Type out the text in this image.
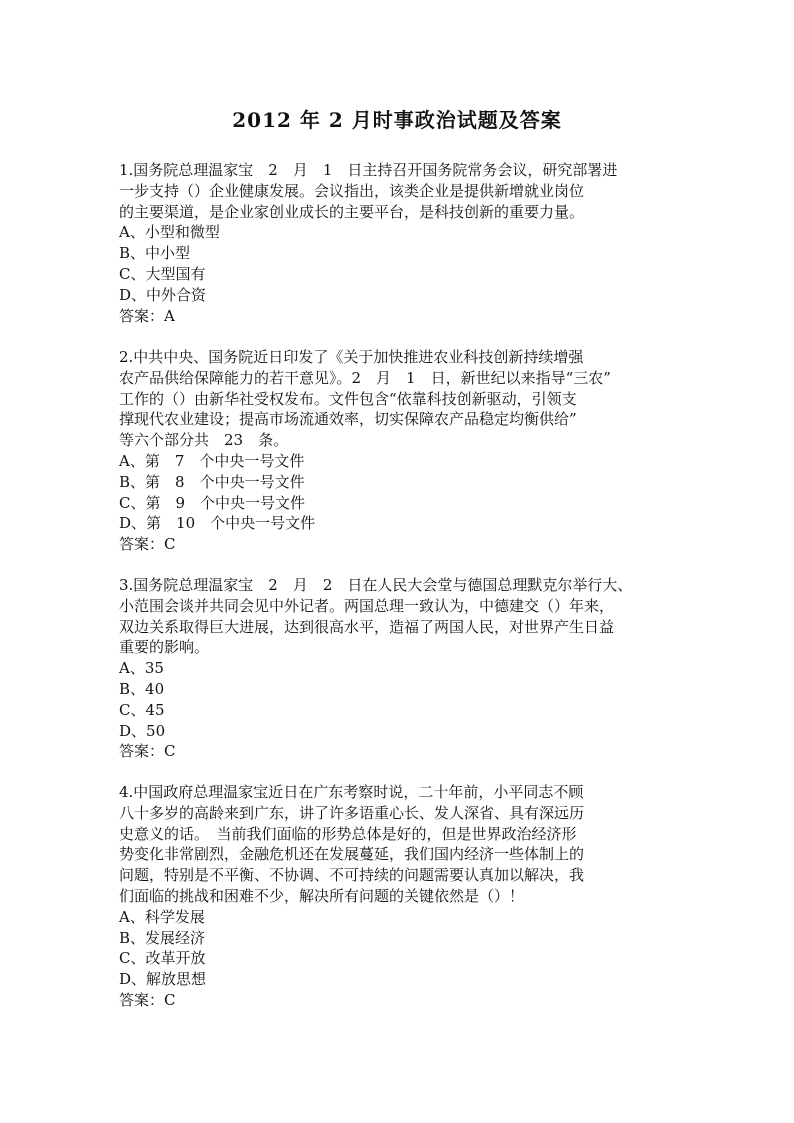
2012 年 2 月时事政治试题及答案

1.国务院总理温家宝　2　月　1　日主持召开国务院常务会议，研究部署进

一步支持（）企业健康发展。会议指出，该类企业是提供新增就业岗位

的主要渠道，是企业家创业成长的主要平台，是科技创新的重要力量。

A、小型和微型

B、中小型

C、大型国有

D、中外合资

答案：A

2.中共中央、国务院近日印发了《关于加快推进农业科技创新持续增强

农产品供给保障能力的若干意见》。2　月　1　日，新世纪以来指导“三农”

工作的（）由新华社受权发布。文件包含“依靠科技创新驱动，引领支

撑现代农业建设；提高市场流通效率，切实保障农产品稳定均衡供给”

等六个部分共　23　条。

A、第　7　个中央一号文件

B、第　8　个中央一号文件

C、第　9　个中央一号文件

D、第　10　个中央一号文件

答案：C

3.国务院总理温家宝　2　月　2　日在人民大会堂与德国总理默克尔举行大、

小范围会谈并共同会见中外记者。两国总理一致认为，中德建交（）年来，

双边关系取得巨大进展，达到很高水平，造福了两国人民，对世界产生日益

重要的影响。

A、35

B、40

C、45

D、50

答案：C

4.中国政府总理温家宝近日在广东考察时说，二十年前，小平同志不顾

八十多岁的高龄来到广东，讲了许多语重心长、发人深省、具有深远历

史意义的话。　当前我们面临的形势总体是好的，但是世界政治经济形

势变化非常剧烈，金融危机还在发展蔓延，我们国内经济一些体制上的

问题，特别是不平衡、不协调、不可持续的问题需要认真加以解决，我

们面临的挑战和困难不少，解决所有问题的关键依然是（）！

A、科学发展

B、发展经济

C、改革开放

D、解放思想

答案：C
